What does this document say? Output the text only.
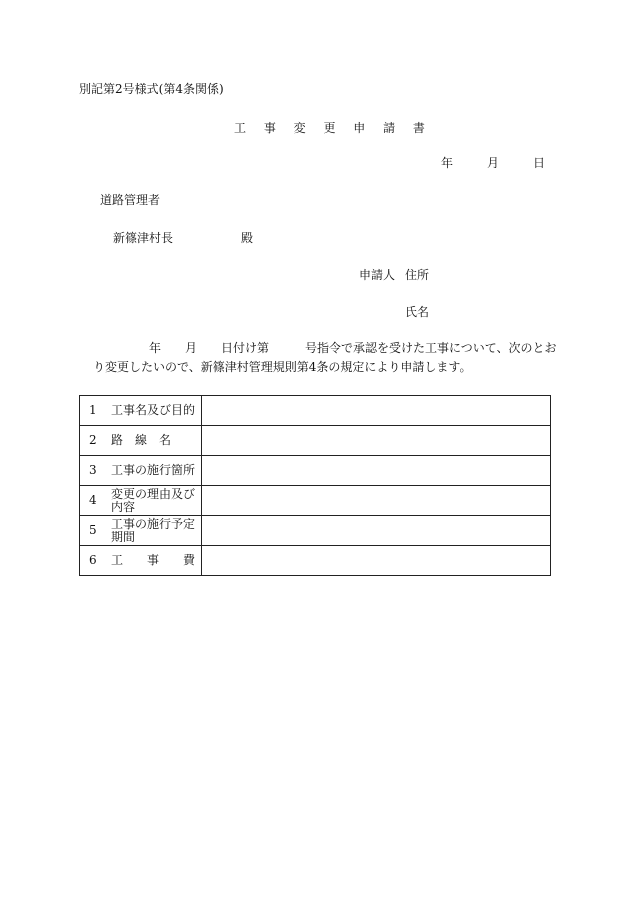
別記第2号様式(第4条関係)
工 事 変 更 申 請 書
年	月	日
道路管理者
新篠津村長	殿
申請人 住所
氏名
年　　月　　日付け第　　　号指令で承認を受けた工事について、次のとお
り変更したいので、新篠津村管理規則第4条の規定により申請します。
1 工事名及び目的	
2 路　線　名	
3 工事の施行箇所	
4 変更の理由及び内容	
5 工事の施行予定期間	
6 工　　事　　費	
